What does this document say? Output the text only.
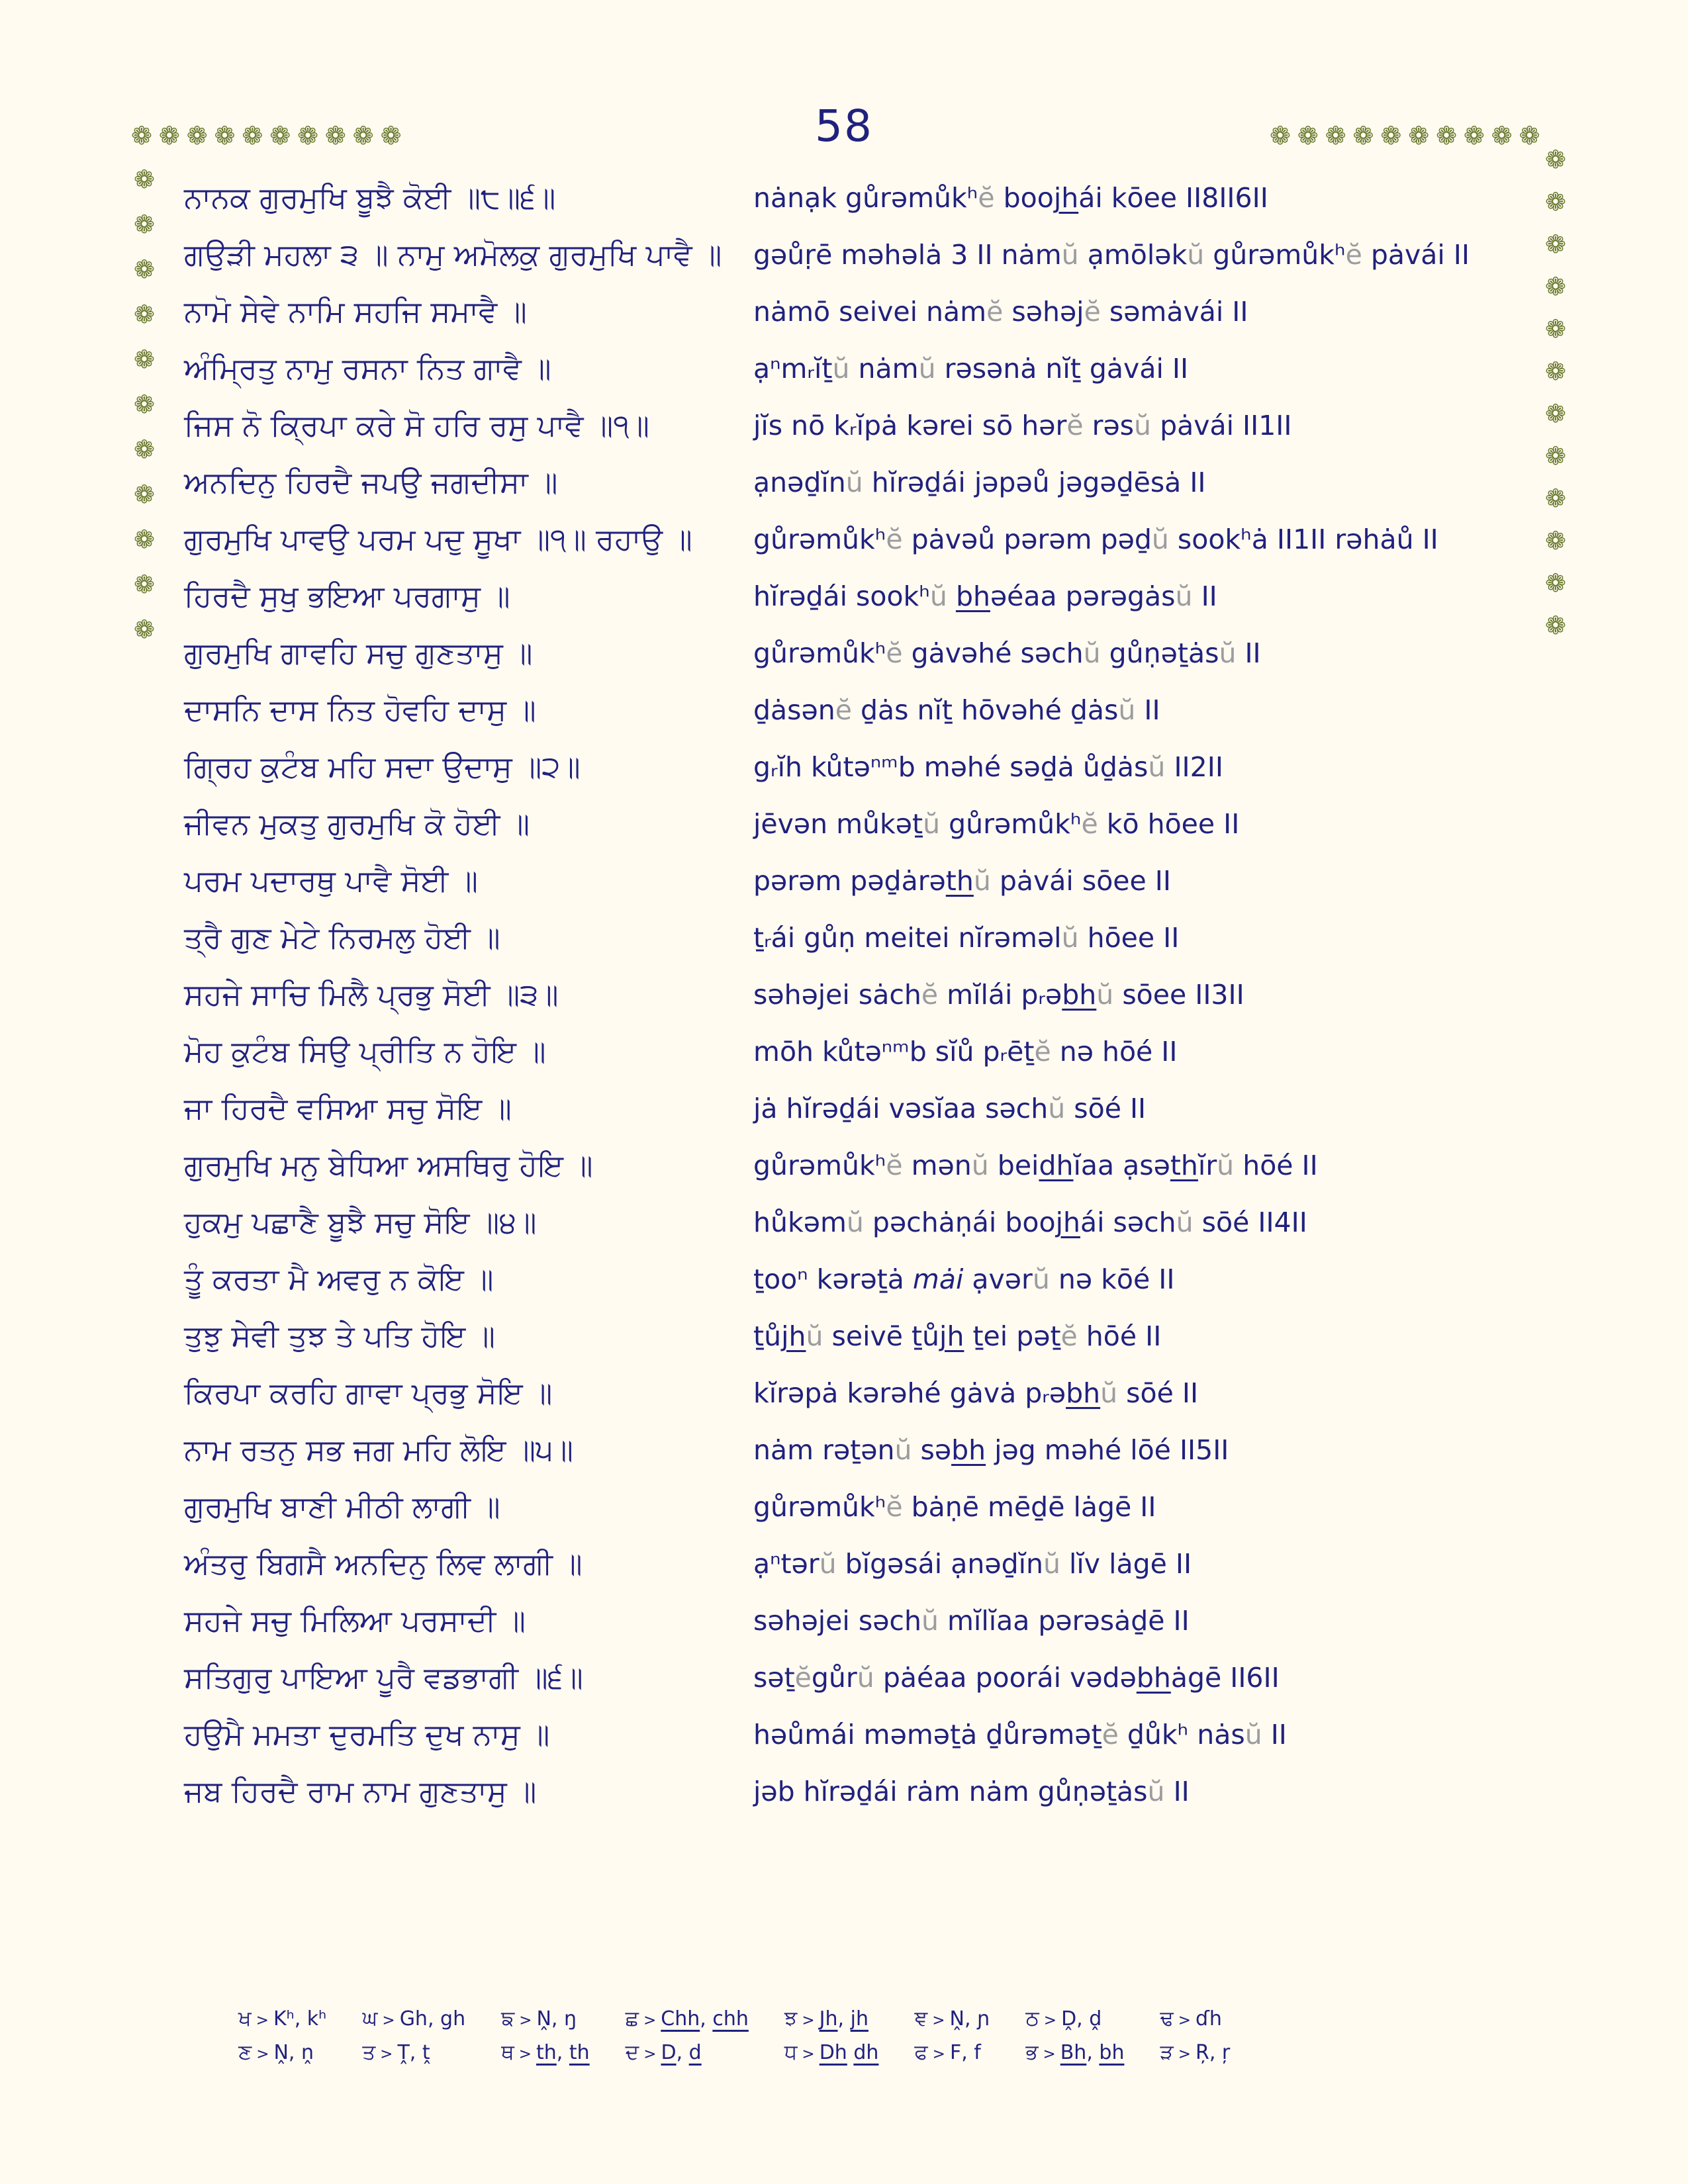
58
❁ ❁ ❁ ❁ ❁ ❁ ❁ ❁ ❁ ❁	❁ ❁ ❁ ❁ ❁ ❁ ❁ ❁ ❁ ❁
❁
❁
❁
❁
❁
❁
❁
❁
❁
❁
❁
❁
❁
❁
❁
❁
❁
❁
❁
❁
❁
❁
❁
ਨਾਨਕ ਗੁਰਮੁਖਿ ਬੂਝੈ ਕੋਈ ॥੮॥੬॥	nȧnạk gůrəmůkʰĕ boojhái kōee II8II6II
ਗਉੜੀ ਮਹਲਾ ੩ ॥ ਨਾਮੁ ਅਮੋਲਕੁ ਗੁਰਮੁਖਿ ਪਾਵੈ ॥	gəůṛē məhəlȧ 3 II nȧmŭ ạmōləkŭ gůrəmůkʰĕ pȧvái II
ਨਾਮੋ ਸੇਵੇ ਨਾਮਿ ਸਹਜਿ ਸਮਾਵੈ ॥	nȧmō seivei nȧmĕ səhəjĕ səmȧvái II
ਅੰਮ੍ਰਿਤੁ ਨਾਮੁ ਰਸਨਾ ਨਿਤ ਗਾਵੈ ॥	ạⁿmᵣĭṯŭ nȧmŭ rəsənȧ nĭṯ gȧvái II
ਜਿਸ ਨੋ ਕ੍ਰਿਪਾ ਕਰੇ ਸੋ ਹਰਿ ਰਸੁ ਪਾਵੈ ॥੧॥	jĭs nō kᵣĭpȧ kərei sō hərĕ rəsŭ pȧvái II1II
ਅਨਦਿਨੁ ਹਿਰਦੈ ਜਪਉ ਜਗਦੀਸਾ ॥	ạnəḏĭnŭ hĭrəḏái jəpəů jəgəḏēsȧ II
ਗੁਰਮੁਖਿ ਪਾਵਉ ਪਰਮ ਪਦੁ ਸੂਖਾ ॥੧॥ ਰਹਾਉ ॥	gůrəmůkʰĕ pȧvəů pərəm pəḏŭ sookʰȧ II1II rəhȧů II
ਹਿਰਦੈ ਸੁਖੁ ਭਇਆ ਪਰਗਾਸੁ ॥	hĭrəḏái sookʰŭ bhəéaa pərəgȧsŭ II
ਗੁਰਮੁਖਿ ਗਾਵਹਿ ਸਚੁ ਗੁਣਤਾਸੁ ॥	gůrəmůkʰĕ gȧvəhé səchŭ gůṇəṯȧsŭ II
ਦਾਸਨਿ ਦਾਸ ਨਿਤ ਹੋਵਹਿ ਦਾਸੁ ॥	ḏȧsənĕ ḏȧs nĭṯ hōvəhé ḏȧsŭ II
ਗ੍ਰਿਹ ਕੁਟੰਬ ਮਹਿ ਸਦਾ ਉਦਾਸੁ ॥੨॥	gᵣĭh kůtəⁿᵐb məhé səḏȧ ůḏȧsŭ II2II
ਜੀਵਨ ਮੁਕਤੁ ਗੁਰਮੁਖਿ ਕੋ ਹੋਈ ॥	jēvən můkəṯŭ gůrəmůkʰĕ kō hōee II
ਪਰਮ ਪਦਾਰਥੁ ਪਾਵੈ ਸੋਈ ॥	pərəm pəḏȧrəthŭ pȧvái sōee II
ਤ੍ਰੈ ਗੁਣ ਮੇਟੇ ਨਿਰਮਲੁ ਹੋਈ ॥	ṯᵣái gůṇ meitei nĭrəməlŭ hōee II
ਸਹਜੇ ਸਾਚਿ ਮਿਲੈ ਪ੍ਰਭੁ ਸੋਈ ॥੩॥	səhəjei sȧchĕ mĭlái pᵣəbhŭ sōee II3II
ਮੋਹ ਕੁਟੰਬ ਸਿਉ ਪ੍ਰੀਤਿ ਨ ਹੋਇ ॥	mōh kůtəⁿᵐb sĭů pᵣēṯĕ nə hōé II
ਜਾ ਹਿਰਦੈ ਵਸਿਆ ਸਚੁ ਸੋਇ ॥	jȧ hĭrəḏái vəsĭaa səchŭ sōé II
ਗੁਰਮੁਖਿ ਮਨੁ ਬੇਧਿਆ ਅਸਥਿਰੁ ਹੋਇ ॥	gůrəmůkʰĕ mənŭ beidhĭaa ạsəthĭrŭ hōé II
ਹੁਕਮੁ ਪਛਾਣੈ ਬੂਝੈ ਸਚੁ ਸੋਇ ॥੪॥	hůkəmŭ pəchȧṇái boojhái səchŭ sōé II4II
ਤੂੰ ਕਰਤਾ ਮੈ ਅਵਰੁ ਨ ਕੋਇ ॥	ṯooⁿ kərəṯȧ mȧi ạvərŭ nə kōé II
ਤੁਝੁ ਸੇਵੀ ਤੁਝ ਤੇ ਪਤਿ ਹੋਇ ॥	ṯůjhŭ seivē ṯůjh ṯei pəṯĕ hōé II
ਕਿਰਪਾ ਕਰਹਿ ਗਾਵਾ ਪ੍ਰਭੁ ਸੋਇ ॥	kĭrəpȧ kərəhé gȧvȧ pᵣəbhŭ sōé II
ਨਾਮ ਰਤਨੁ ਸਭ ਜਗ ਮਹਿ ਲੋਇ ॥੫॥	nȧm rəṯənŭ səbh jəg məhé lōé II5II
ਗੁਰਮੁਖਿ ਬਾਣੀ ਮੀਠੀ ਲਾਗੀ ॥	gůrəmůkʰĕ bȧṇē mēḏē lȧgē II
ਅੰਤਰੁ ਬਿਗਸੈ ਅਨਦਿਨੁ ਲਿਵ ਲਾਗੀ ॥	ạⁿtərŭ bĭgəsái ạnəḏĭnŭ lĭv lȧgē II
ਸਹਜੇ ਸਚੁ ਮਿਲਿਆ ਪਰਸਾਦੀ ॥	səhəjei səchŭ mĭlĭaa pərəsȧḏē II
ਸਤਿਗੁਰੁ ਪਾਇਆ ਪੂਰੈ ਵਡਭਾਗੀ ॥੬॥	səṯĕgůrŭ pȧéaa poorái vədəbhȧgē II6II
ਹਉਮੈ ਮਮਤਾ ਦੁਰਮਤਿ ਦੁਖ ਨਾਸੁ ॥	həůmái məməṯȧ ḏůrəməṯĕ ḏůkʰ nȧsŭ II
ਜਬ ਹਿਰਦੈ ਰਾਮ ਨਾਮ ਗੁਣਤਾਸੁ ॥	jəb hĭrəḏái rȧm nȧm gůṇəṯȧsŭ II
ਖ > Kʰ, kʰ ਘ > Gh, gh ਙ > Ṋ, ŋ	ਛ > Chh, chh ਝ > Jh, jh	ਞ > Ṋ, ɲ ਠ > Ḓ, ḓ	ਢ > ɗh
ਣ > Ṋ, ṋ	ਤ > Ṱ, ṱ	ਥ > th, th ਦ > D, d	ਧ > Dh dh ਫ > F, f	ਭ > Bh, bh ੜ > Ŗ, ŗ
